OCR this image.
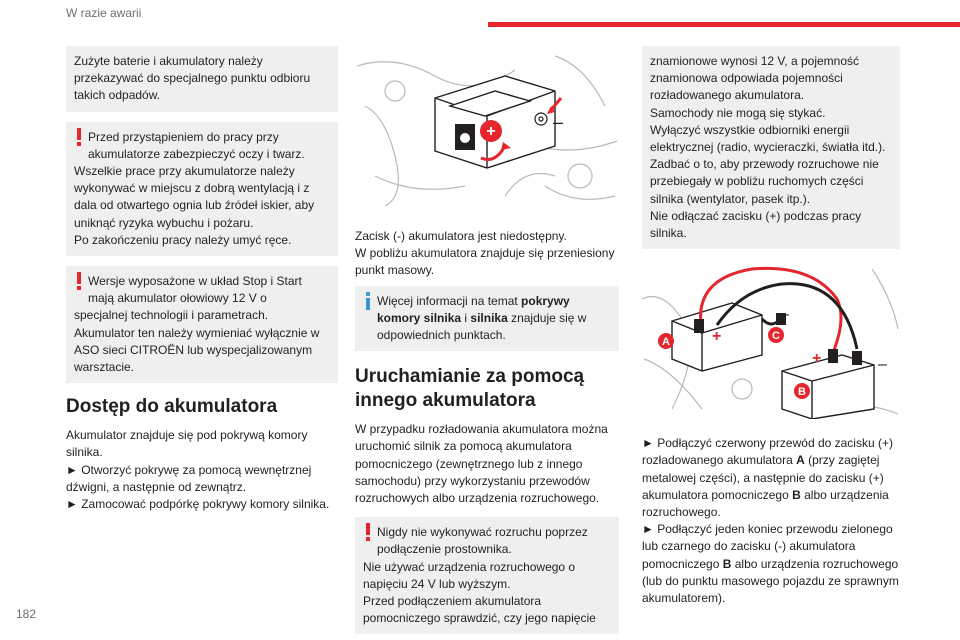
W razie awarii
182

Zużyte baterie i akumulatory należy przekazywać do specjalnego punktu odbioru takich odpadów.

Przed przystąpieniem do pracy przy akumulatorze zabezpieczyć oczy i twarz.

Wszelkie prace przy akumulatorze należy wykonywać w miejscu z dobrą wentylacją i z dala od otwartego ognia lub źródeł iskier, aby uniknąć ryzyka wybuchu i pożaru.

Po zakończeniu pracy należy umyć ręce.

Wersje wyposażone w układ Stop i Start mają akumulator ołowiowy 12 V o

specjalnej technologii i parametrach. Akumulator ten należy wymieniać wyłącznie w ASO sieci CITROËN lub wyspecjalizowanym warsztacie.

Dostęp do akumulatora

Akumulator znajduje się pod pokrywą komory silnika.

► Otworzyć pokrywę za pomocą wewnętrznej dźwigni, a następnie od zewnątrz.

► Zamocować podpórkę pokrywy komory silnika.

+	–

Zacisk (-) akumulatora jest niedostępny.

W pobliżu akumulatora znajduje się przeniesiony punkt masowy.

Więcej informacji na temat pokrywy komory silnika i silnika znajduje się w odpowiednich punktach.

Uruchamianie za pomocą innego akumulatora

W przypadku rozładowania akumulatora można uruchomić silnik za pomocą akumulatora pomocniczego (zewnętrznego lub z innego samochodu) przy wykorzystaniu przewodów rozruchowych albo urządzenia rozruchowego.

Nigdy nie wykonywać rozruchu poprzez podłączenie prostownika.

Nie używać urządzenia rozruchowego o napięciu 24 V lub wyższym.

Przed podłączeniem akumulatora pomocniczego sprawdzić, czy jego napięcie

znamionowe wynosi 12 V, a pojemność znamionowa odpowiada pojemności rozładowanego akumulatora.

Samochody nie mogą się stykać.

Wyłączyć wszystkie odbiorniki energii elektrycznej (radio, wycieraczki, światła itd.).

Zadbać o to, aby przewody rozruchowe nie przebiegały w pobliżu ruchomych części silnika (wentylator, pasek itp.).

Nie odłączać zacisku (+) podczas pracy silnika.

+
+
–
–
A	C
B

► Podłączyć czerwony przewód do zacisku (+) rozładowanego akumulatora A (przy zagiętej metalowej części), a następnie do zacisku (+) akumulatora pomocniczego B albo urządzenia rozruchowego.

► Podłączyć jeden koniec przewodu zielonego lub czarnego do zacisku (-) akumulatora pomocniczego B albo urządzenia rozruchowego (lub do punktu masowego pojazdu ze sprawnym akumulatorem).
